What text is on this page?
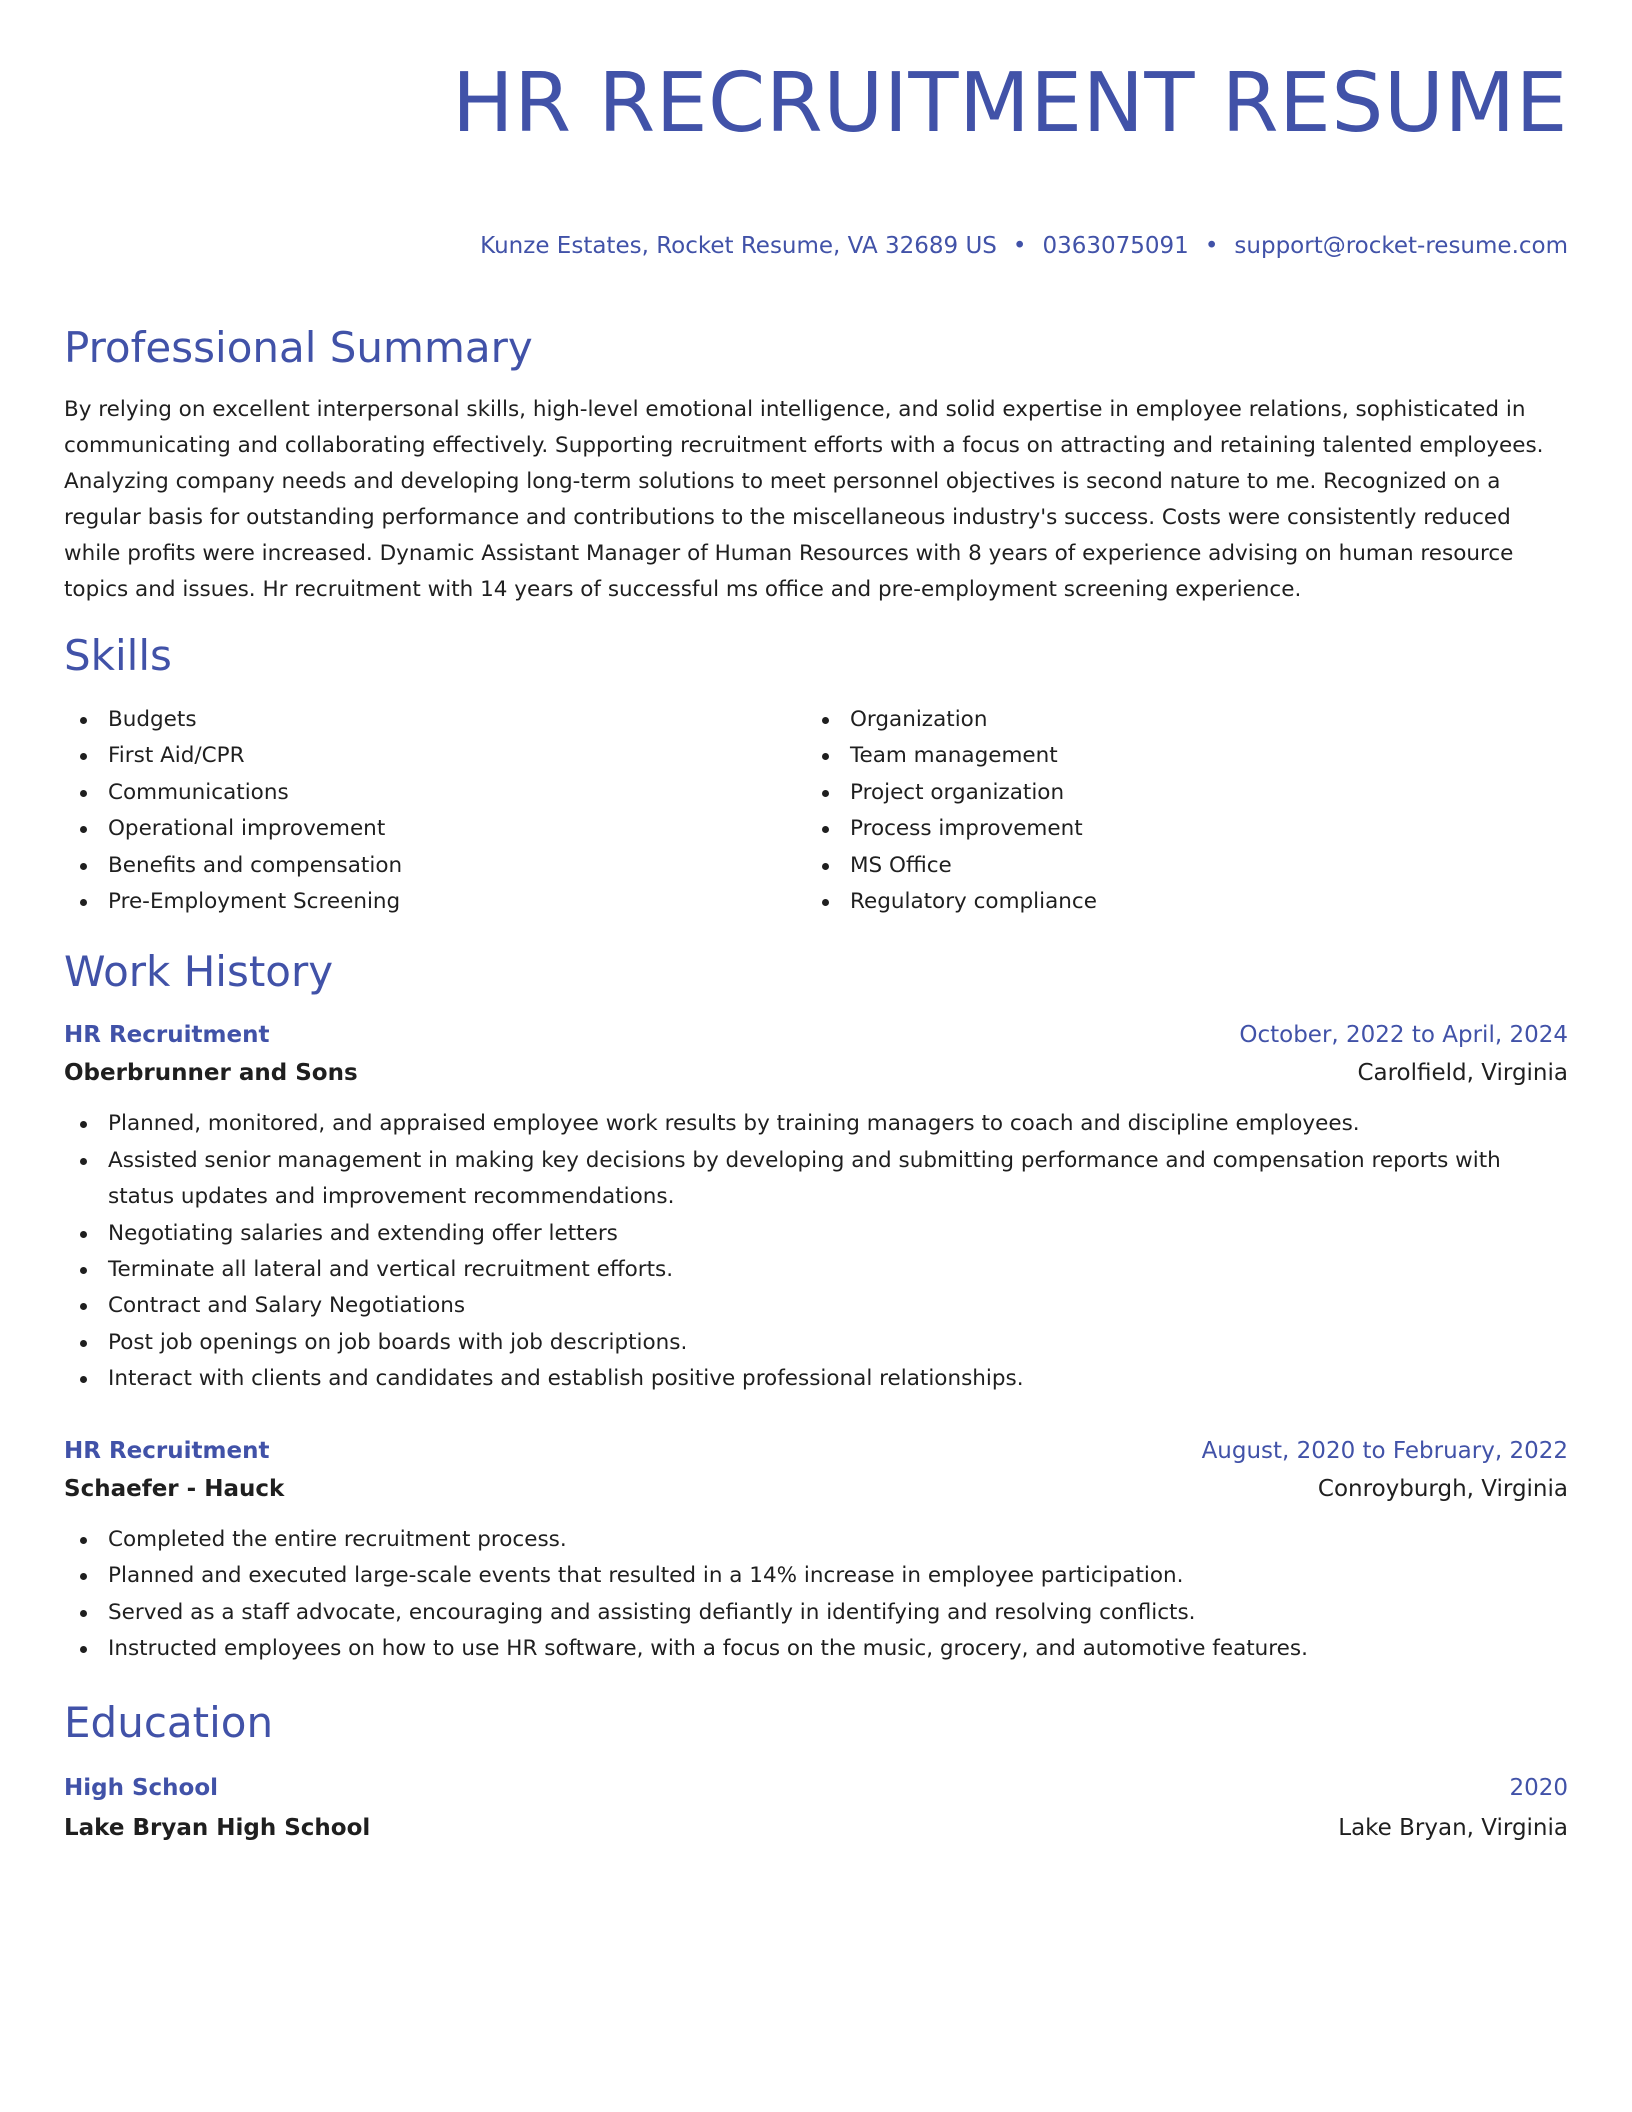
HR RECRUITMENT RESUME
Kunze Estates, Rocket Resume, VA 32689 US • 0363075091 • support@rocket-resume.com
Professional Summary
By relying on excellent interpersonal skills, high-level emotional intelligence, and solid expertise in employee relations, sophisticated in communicating and collaborating effectively. Supporting recruitment efforts with a focus on attracting and retaining talented employees. Analyzing company needs and developing long-term solutions to meet personnel objectives is second nature to me. Recognized on a regular basis for outstanding performance and contributions to the miscellaneous industry's success. Costs were consistently reduced while profits were increased. Dynamic Assistant Manager of Human Resources with 8 years of experience advising on human resource topics and issues. Hr recruitment with 14 years of successful ms office and pre-employment screening experience.
Skills
Budgets
First Aid/CPR
Communications
Operational improvement
Benefits and compensation
Pre-Employment Screening
Organization
Team management
Project organization
Process improvement
MS Office
Regulatory compliance
Work History
HR Recruitment	October, 2022 to April, 2024
Oberbrunner and Sons	Carolfield, Virginia
Planned, monitored, and appraised employee work results by training managers to coach and discipline employees.
Assisted senior management in making key decisions by developing and submitting performance and compensation reports with status updates and improvement recommendations.
Negotiating salaries and extending offer letters
Terminate all lateral and vertical recruitment efforts.
Contract and Salary Negotiations
Post job openings on job boards with job descriptions.
Interact with clients and candidates and establish positive professional relationships.
HR Recruitment	August, 2020 to February, 2022
Schaefer - Hauck	Conroyburgh, Virginia
Completed the entire recruitment process.
Planned and executed large-scale events that resulted in a 14% increase in employee participation.
Served as a staff advocate, encouraging and assisting defiantly in identifying and resolving conflicts.
Instructed employees on how to use HR software, with a focus on the music, grocery, and automotive features.
Education
High School	2020
Lake Bryan High School	Lake Bryan, Virginia
